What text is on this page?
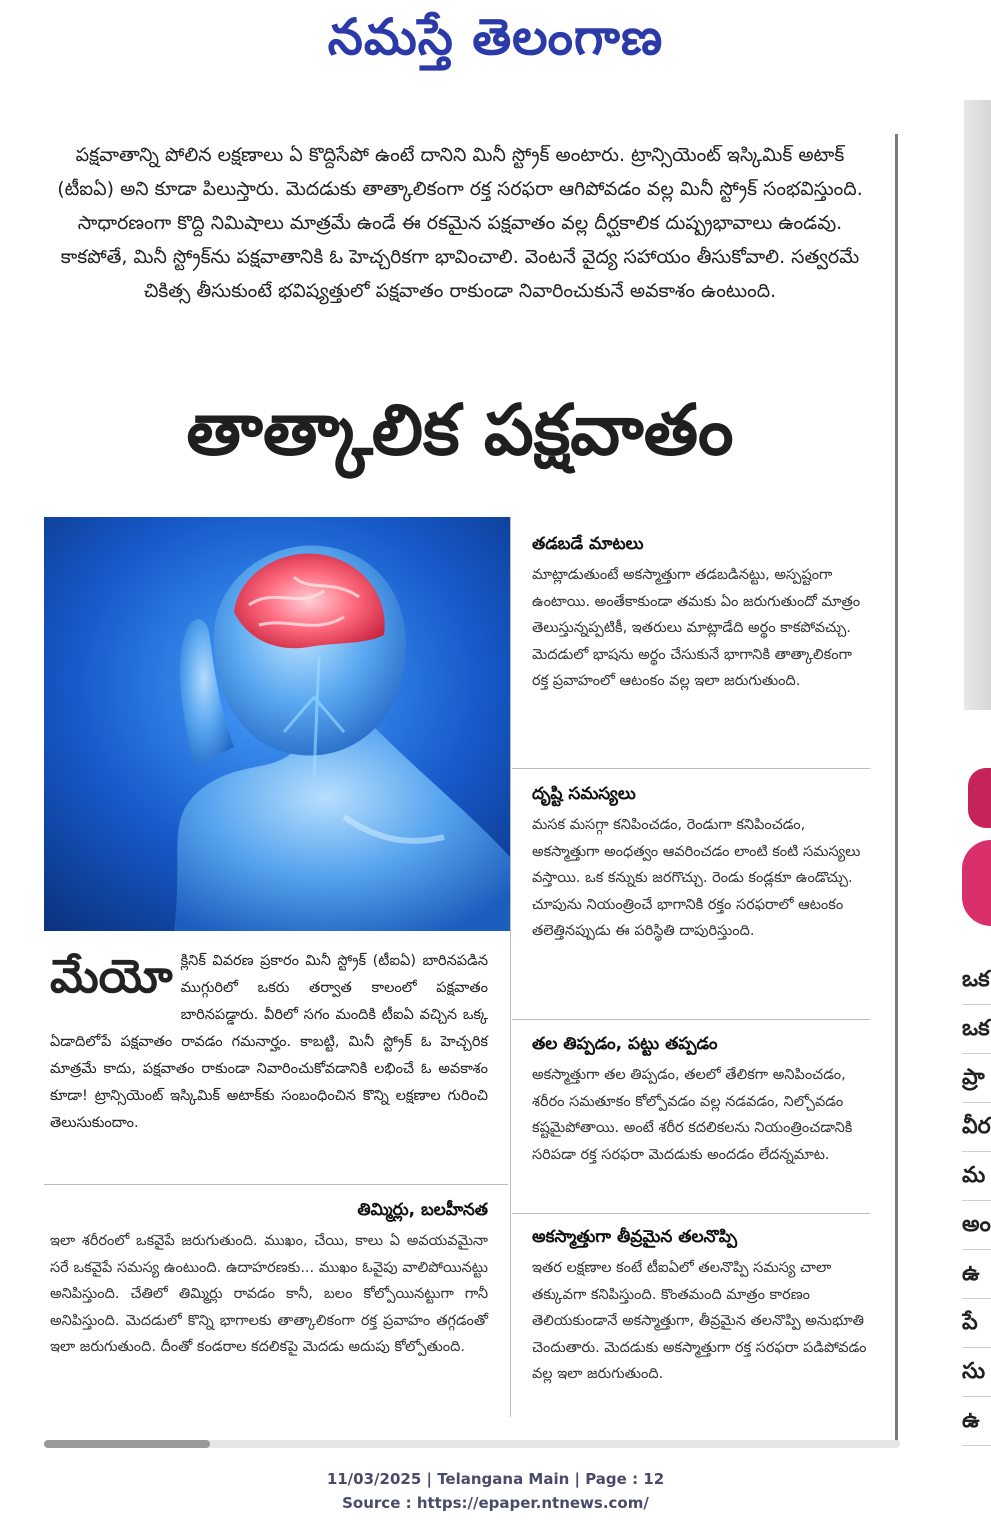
నమస్తే తెలంగాణ
ఒక
ఒక
ప్రా
వీర
మ
అం
ఉ
పే
సు
ఉ
పక్షవాతాన్ని పోలిన లక్షణాలు ఏ కొద్దిసేపో ఉంటే దానిని మినీ స్ట్రోక్ అంటారు. ట్రాన్సియెంట్ ఇస్కిమిక్ అటాక్ (టీఐఏ) అని కూడా పిలుస్తారు. మెదడుకు తాత్కాలికంగా రక్త సరఫరా ఆగిపోవడం వల్ల మినీ స్ట్రోక్ సంభవిస్తుంది. సాధారణంగా కొద్ది నిమిషాలు మాత్రమే ఉండే ఈ రకమైన పక్షవాతం వల్ల దీర్ఘకాలిక దుష్ప్రభావాలు ఉండవు. కాకపోతే, మినీ స్ట్రోక్‌ను పక్షవాతానికి ఓ హెచ్చరికగా భావించాలి. వెంటనే వైద్య సహాయం తీసుకోవాలి. సత్వరమే చికిత్స తీసుకుంటే భవిష్యత్తులో పక్షవాతం రాకుండా నివారించుకునే అవకాశం ఉంటుంది.
తాత్కాలిక పక్షవాతం
మేయో క్లినిక్ వివరణ ప్రకారం మినీ స్ట్రోక్ (టీఐఏ) బారినపడిన ముగ్గురిలో ఒకరు తర్వాత కాలంలో పక్షవాతం బారినపడ్డారు. వీరిలో సగం మందికి టీఐఏ వచ్చిన ఒక్క ఏడాదిలోపే పక్షవాతం రావడం గమనార్హం. కాబట్టి, మినీ స్ట్రోక్ ఓ హెచ్చరిక మాత్రమే కాదు, పక్షవాతం రాకుండా నివారించుకోవడానికి లభించే ఓ అవకాశం కూడా! ట్రాన్సియెంట్ ఇస్కిమిక్ అటాక్‌కు సంబంధించిన కొన్ని లక్షణాల గురించి తెలుసుకుందాం.

తిమ్మిర్లు, బలహీనత

ఇలా శరీరంలో ఒకవైపే జరుగుతుంది. ముఖం, చేయి, కాలు ఏ అవయవమైనా సరే ఒకవైపే సమస్య ఉంటుంది. ఉదాహరణకు... ముఖం ఓవైపు వాలిపోయినట్టు అనిపిస్తుంది. చేతిలో తిమ్మిర్లు రావడం కానీ, బలం కోల్పోయినట్టుగా గానీ అనిపిస్తుంది. మెదడులో కొన్ని భాగాలకు తాత్కాలికంగా రక్త ప్రవాహం తగ్గడంతో ఇలా జరుగుతుంది. దీంతో కండరాల కదలికపై మెదడు అదుపు కోల్పోతుంది.

తడబడే మాటలు

మాట్లాడుతుంటే అకస్మాత్తుగా తడబడినట్టు, అస్పష్టంగా ఉంటాయి. అంతేకాకుండా తమకు ఏం జరుగుతుందో మాత్రం తెలుస్తున్నప్పటికీ, ఇతరులు మాట్లాడేది అర్థం కాకపోవచ్చు. మెదడులో భాషను అర్థం చేసుకునే భాగానికి తాత్కాలికంగా రక్త ప్రవాహంలో ఆటంకం వల్ల ఇలా జరుగుతుంది.

దృష్టి సమస్యలు

మసక మసగ్గా కనిపించడం, రెండుగా కనిపించడం, అకస్మాత్తుగా అంధత్వం ఆవరించడం లాంటి కంటి సమస్యలు వస్తాయి. ఒక కన్నుకు జరగొచ్చు. రెండు కండ్లకూ ఉండొచ్చు. చూపును నియంత్రించే భాగానికి రక్తం సరఫరాలో ఆటంకం తలెత్తినప్పుడు ఈ పరిస్థితి దాపురిస్తుంది.

తల తిప్పడం, పట్టు తప్పడం

అకస్మాత్తుగా తల తిప్పడం, తలలో తేలికగా అనిపించడం, శరీరం సమతూకం కోల్పోవడం వల్ల నడవడం, నిల్చోవడం కష్టమైపోతాయి. అంటే శరీర కదలికలను నియంత్రించడానికి సరిపడా రక్త సరఫరా మెదడుకు అందడం లేదన్నమాట.

అకస్మాత్తుగా తీవ్రమైన తలనొప్పి

ఇతర లక్షణాల కంటే టీఐఏలో తలనొప్పి సమస్య చాలా తక్కువగా కనిపిస్తుంది. కొంతమంది మాత్రం కారణం తెలియకుండానే అకస్మాత్తుగా, తీవ్రమైన తలనొప్పి అనుభూతి చెందుతారు. మెదడుకు అకస్మాత్తుగా రక్త సరఫరా పడిపోవడం వల్ల ఇలా జరుగుతుంది.

11/03/2025 | Telangana Main | Page : 12
Source : https://epaper.ntnews.com/
